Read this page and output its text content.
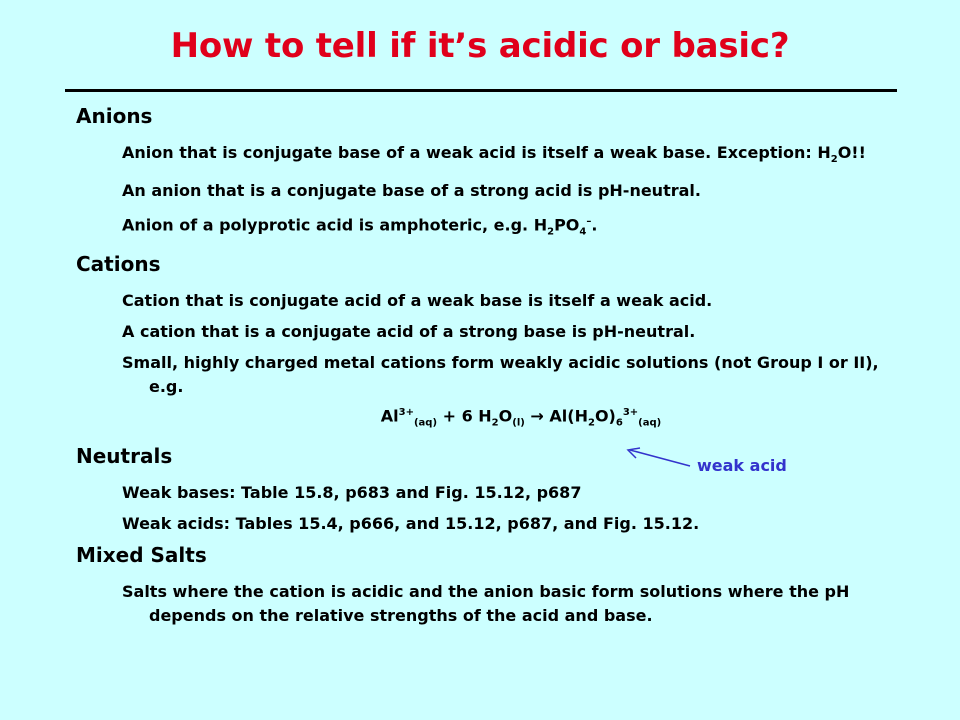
How to tell if it’s acidic or basic?
Anions
Anion that is conjugate base of a weak acid is itself a weak base. Exception: $H_2O$!!
An anion that is a conjugate base of a strong acid is pH-neutral.
Anion of a polyprotic acid is amphoteric, e.g. $H_2PO_4^-$.
Cations
Cation that is conjugate acid of a weak base is itself a weak acid.
A cation that is a conjugate acid of a strong base is pH-neutral.
Small, highly charged metal cations form weakly acidic solutions (not Group I or II), e.g.
$Al^{3+}_{(aq)} + 6$ $H_2O_{(l)} \to Al(H_2O)_6^{3+}_{(aq)}$
Neutrals
Weak bases: Table 15.8, p683 and Fig. 15.12, p687
Weak acids: Tables 15.4, p666, and 15.12, p687, and Fig. 15.12.
Mixed Salts
Salts where the cation is acidic and the anion basic form solutions where the pH depends on the relative strengths of the acid and base.
weak acid
